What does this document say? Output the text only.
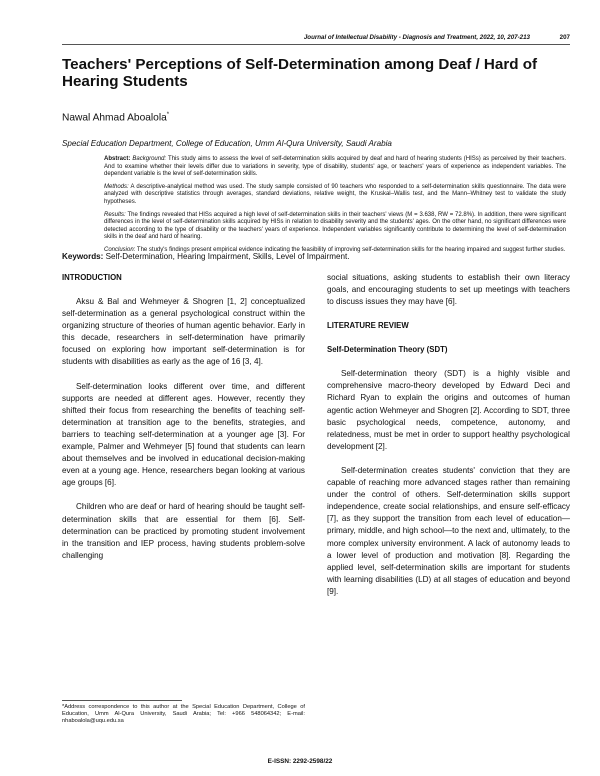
Journal of Intellectual Disability - Diagnosis and Treatment, 2022, 10, 207-213	207
Teachers' Perceptions of Self-Determination among Deaf / Hard of Hearing Students
Nawal Ahmad Aboalola*
Special Education Department, College of Education, Umm Al-Qura University, Saudi Arabia

Abstract: Background: This study aims to assess the level of self-determination skills acquired by deaf and hard of hearing students (HISs) as perceived by their teachers. And to examine whether their levels differ due to variations in severity, type of disability, students' age, or teachers' years of experience as independent variables. The dependent variable is the level of self-determination skills.

Methods: A descriptive-analytical method was used. The study sample consisted of 90 teachers who responded to a self-determination skills questionnaire. The data were analyzed with descriptive statistics through averages, standard deviations, relative weight, the Kruskal–Wallis test, and the Mann–Whitney test to validate the study hypotheses.

Results: The findings revealed that HISs acquired a high level of self-determination skills in their teachers' views (M = 3.638, RW = 72.8%). In addition, there were significant differences in the level of self-determination skills acquired by HISs in relation to disability severity and the students' ages. On the other hand, no significant differences were detected according to the type of disability or the teachers' years of experience. Independent variables significantly contribute to determining the level of self-determination skills in the deaf and hard of hearing.

Conclusion: The study's findings present empirical evidence indicating the feasibility of improving self-determination skills for the hearing impaired and suggest further studies.

Keywords: Self-Determination, Hearing Impairment, Skills, Level of Impairment.
INTRODUCTION

Aksu & Bal and Wehmeyer & Shogren [1, 2] conceptualized self-determination as a general psychological construct within the organizing structure of theories of human agentic behavior. Early in this decade, researchers in self-determination have primarily focused on exploring how important self-determination is for students with disabilities as early as the age of 16 [3, 4].

Self-determination looks different over time, and different supports are needed at different ages. However, recently they shifted their focus from researching the benefits of teaching self-determination at transition age to the benefits, strategies, and barriers to teaching self-determination at a younger age [3]. For example, Palmer and Wehmeyer [5] found that students can learn about themselves and be involved in educational decision-making even at a young age. Hence, researchers began looking at various age groups [6].

Children who are deaf or hard of hearing should be taught self-determination skills that are essential for them [6]. Self-determination can be practiced by promoting student involvement in the transition and IEP process, having students problem-solve challenging

social situations, asking students to establish their own literacy goals, and encouraging students to set up meetings with teachers to discuss issues they may have [6].

LITERATURE REVIEW
Self-Determination Theory (SDT)

Self-determination theory (SDT) is a highly visible and comprehensive macro-theory developed by Edward Deci and Richard Ryan to explain the origins and outcomes of human agentic action Wehmeyer and Shogren [2]. According to SDT, three basic psychological needs, competence, autonomy, and relatedness, must be met in order to support healthy psychological development [2].

Self-determination creates students' conviction that they are capable of reaching more advanced stages rather than remaining under the control of others. Self-determination skills support independence, create social relationships, and ensure self-efficacy [7], as they support the transition from each level of education—primary, middle, and high school—to the next and, ultimately, to the more complex university environment. A lack of autonomy leads to a lower level of production and motivation [8]. Regarding the applied level, self-determination skills are important for students with learning disabilities (LD) at all stages of education and beyond [9].

*Address correspondence to this author at the Special Education Department, College of Education, Umm Al-Qura University, Saudi Arabia; Tel: +966 548064342; E-mail: nhaboalola@uqu.edu.sa
E-ISSN: 2292-2598/22
